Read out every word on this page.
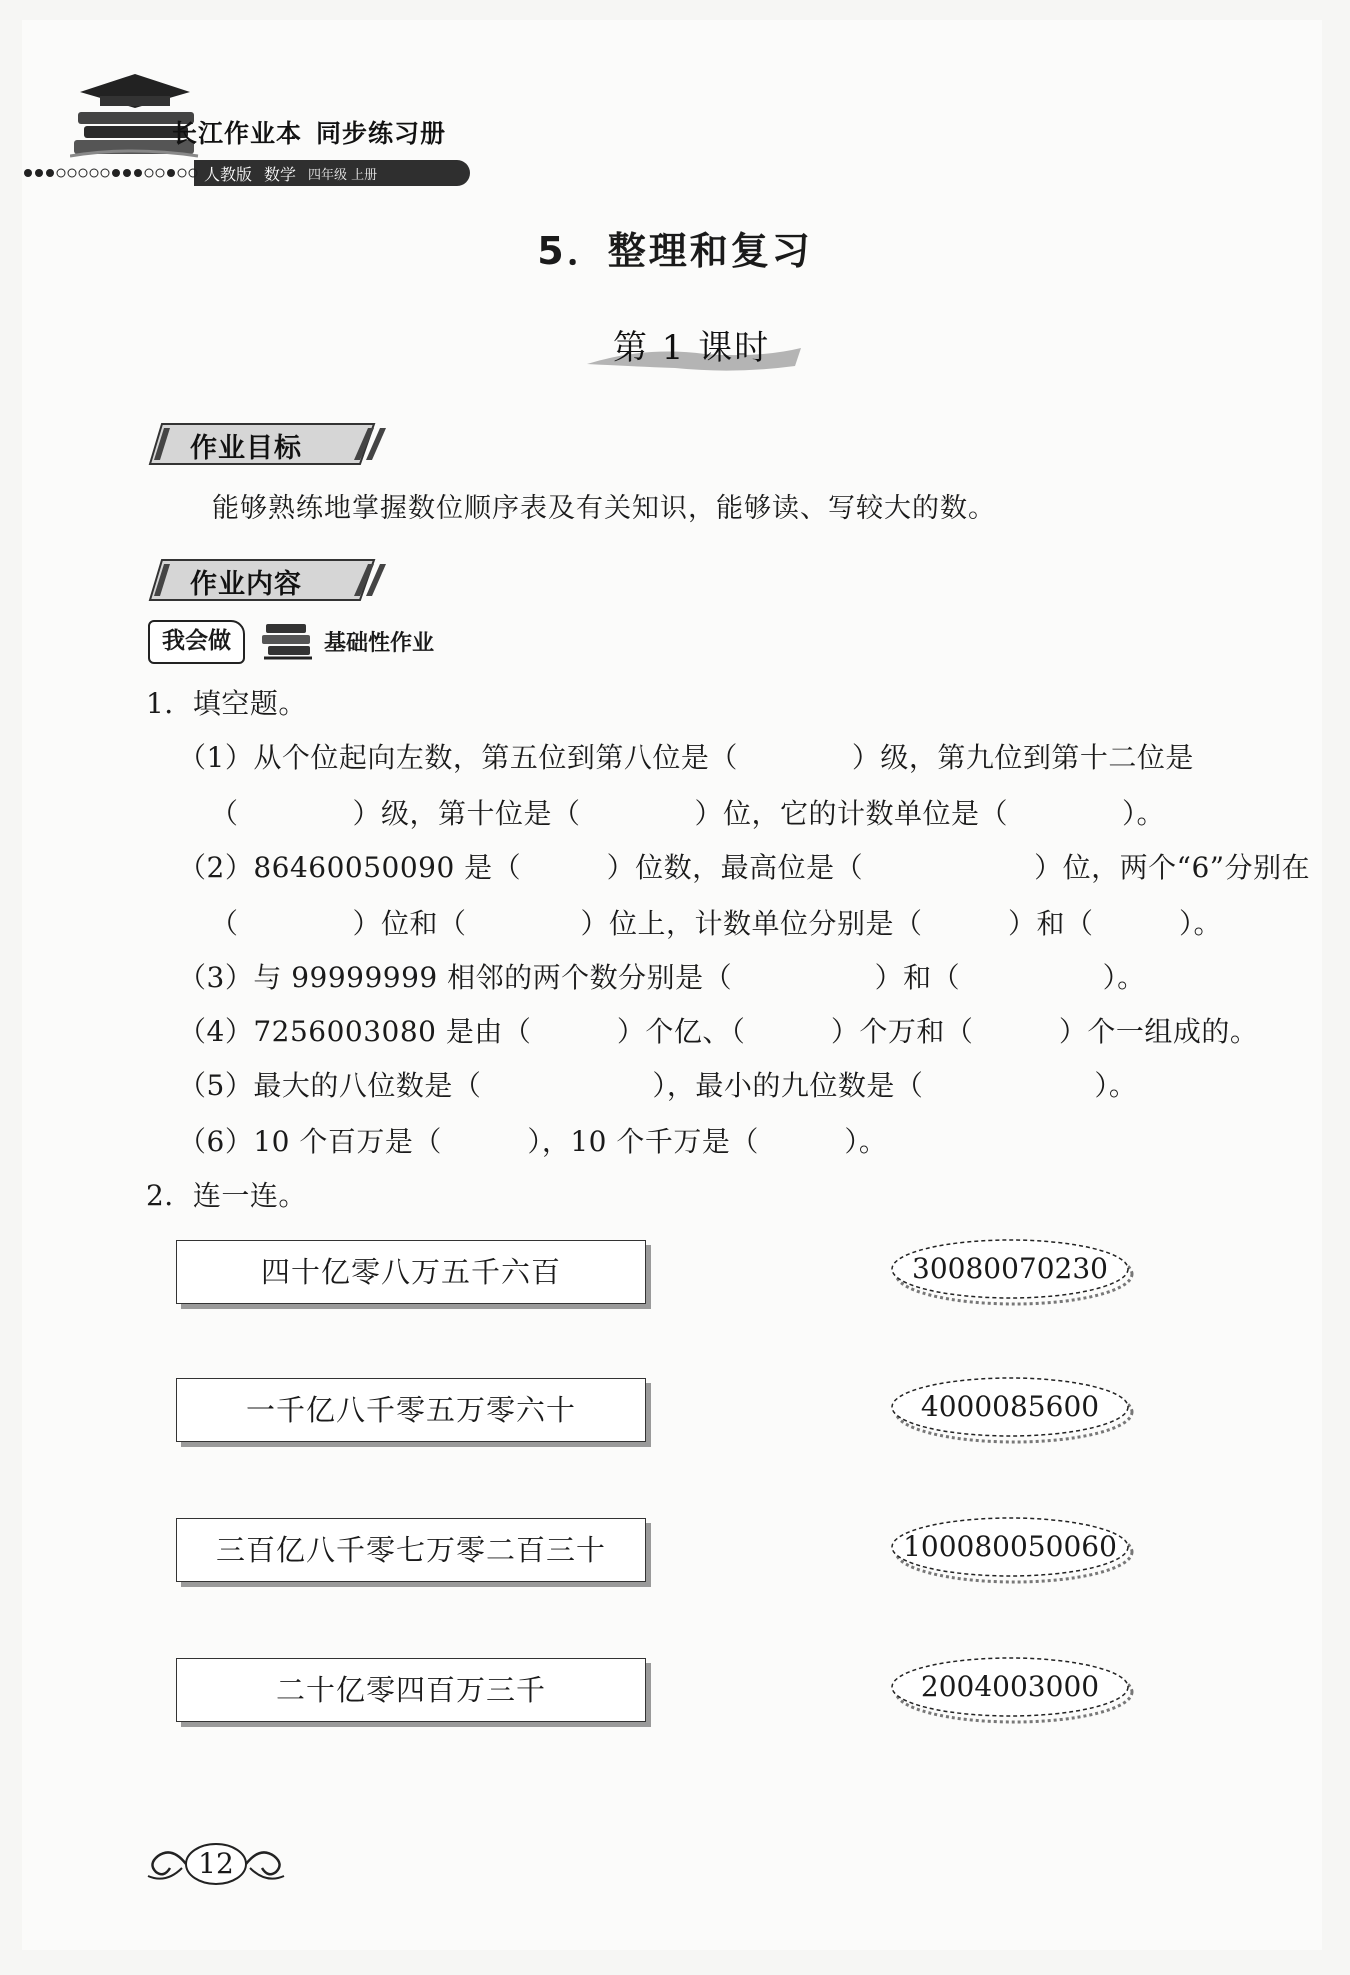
长江作业本 同步练习册
人教版 数学 四年级 上册
5．整理和复习
第 1 课时
作业目标
能够熟练地掌握数位顺序表及有关知识，能够读、写较大的数。
作业内容
我会做	基础性作业
1．填空题。
（1）从个位起向左数，第五位到第八位是（　　　　）级，第九位到第十二位是
（　　　　）级，第十位是（　　　　）位，它的计数单位是（　　　　）。
（2）86460050090 是（　　　）位数，最高位是（　　　　　　）位，两个“6”分别在
（　　　　）位和（　　　　）位上，计数单位分别是（　　　）和（　　　）。
（3）与 99999999 相邻的两个数分别是（　　　　　）和（　　　　　）。
（4）7256003080 是由（　　　）个亿、（　　　）个万和（　　　）个一组成的。
（5）最大的八位数是（　　　　　　），最小的九位数是（　　　　　　）。
（6）10 个百万是（　　　），10 个千万是（　　　）。
2．连一连。
四十亿零八万五千六百
一千亿八千零五万零六十
三百亿八千零七万零二百三十
二十亿零四百万三千
30080070230
4000085600
100080050060
2004003000
12
